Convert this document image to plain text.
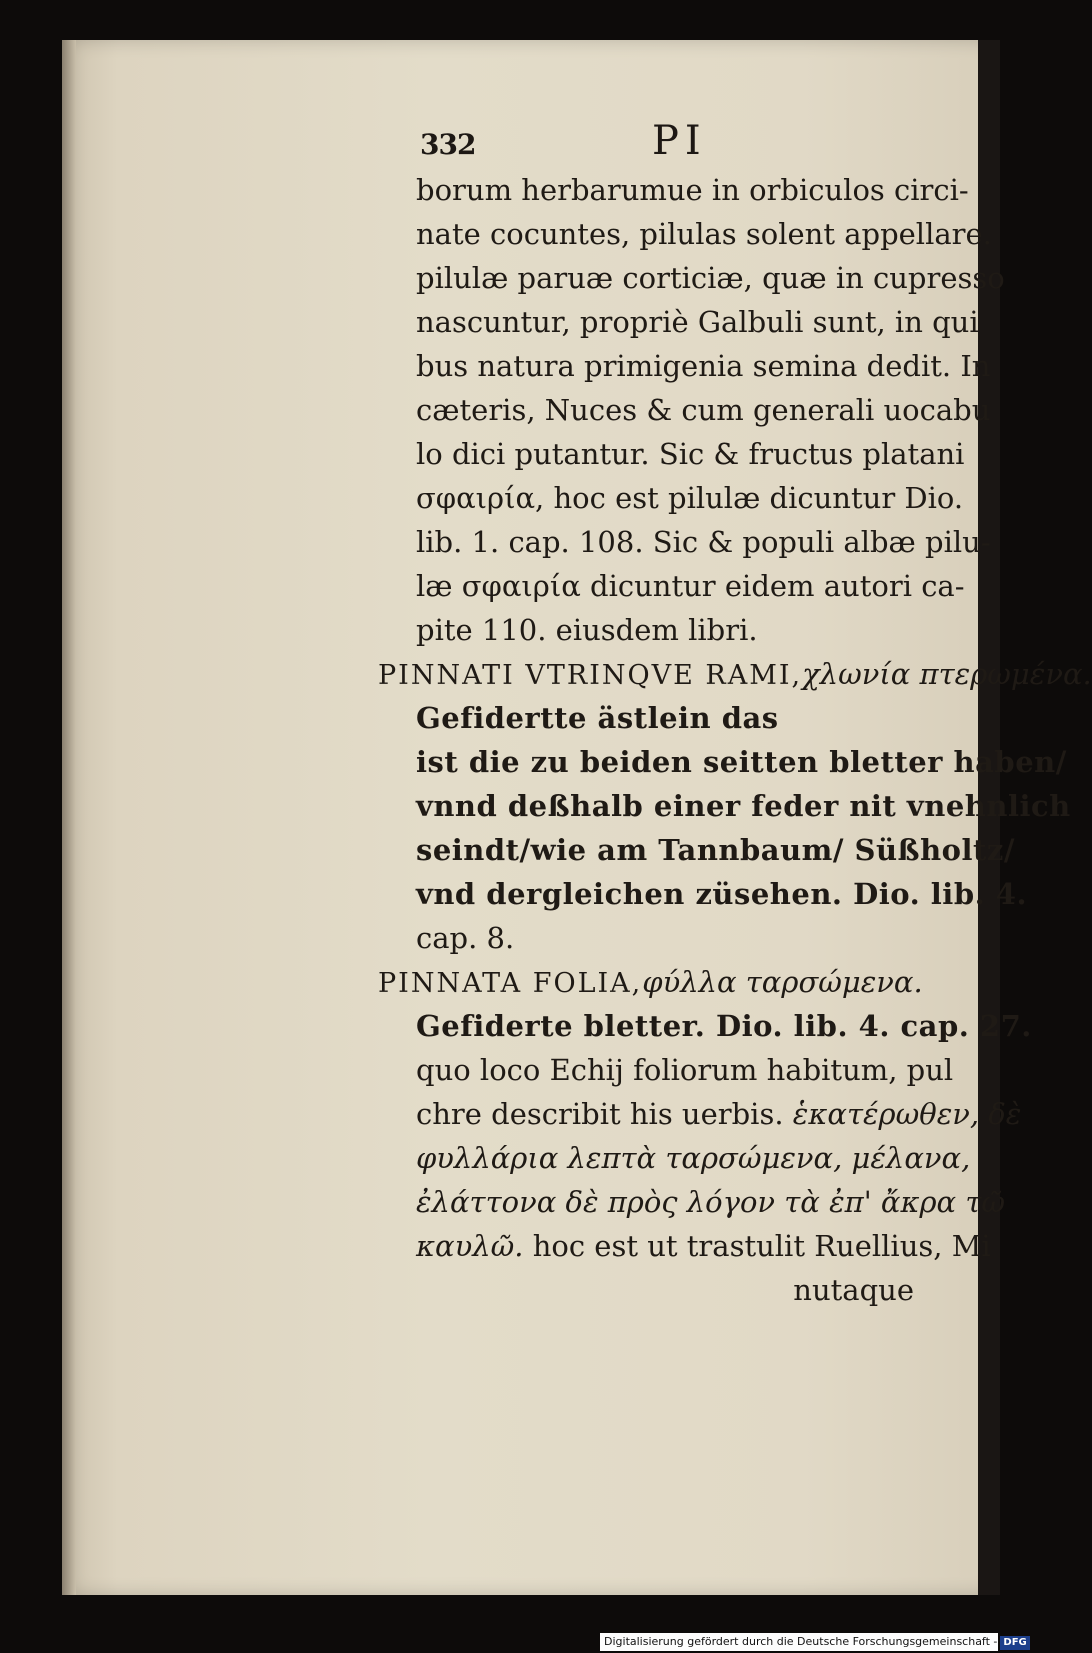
332	PI
borum herbarumue in orbiculos circi-
nate cocuntes, pilulas solent appellare.
pilulæ paruæ corticiæ, quæ in cupresso
nascuntur, propriè Galbuli sunt, in qui
bus natura primigenia semina dedit. In
cæteris, Nuces & cum generali uocabu
lo dici putantur. Sic & fructus platani
σφαιρία, hoc est pilulæ dicuntur Dio.
lib. 1. cap. 108. Sic & populi albæ pilu-
læ σφαιρία dicuntur eidem autori ca-
pite 110. eiusdem libri.
PINNATI VTRINQVE RAMI,χλωνία πτερωμένα.
Gefidertte ästlein das
ist die zu beiden seitten bletter haben/
vnnd deßhalb einer feder nit vnehnlich
seindt/wie am Tannbaum/ Süßholtz/
vnd dergleichen züsehen. Dio. lib. 4.
cap. 8.
PINNATA FOLIA,φύλλα ταρσώμενα.
Gefiderte bletter. Dio. lib. 4. cap. 27.
quo loco Echij foliorum habitum, pul
chre describit his uerbis. ἑκατέρωθεν, δὲ
φυλλάρια λεπτὰ ταρσώμενα, μέλανα,
ἐλάττονα δὲ πρὸς λόγον τὰ ἐπ' ἄκρα τῶ
καυλῶ. hoc est ut trastulit Ruellius, Mi
nutaque
Digitalisierung gefördert durch die Deutsche Forschungsgemeinschaft - DFG
